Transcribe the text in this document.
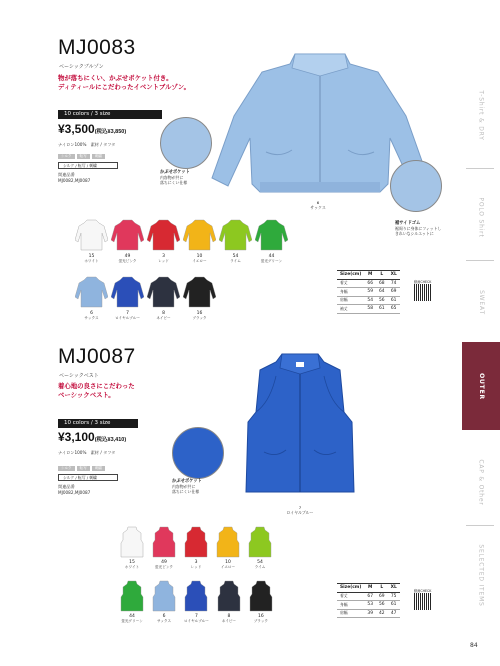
MJ0083
ベーシックブルゾン
物が落ちにくい、かぶせポケット付き。
ディティールにこだわったイベントブルゾン。
10 colors / 3 size
¥3,500(税込¥3,850)
ナイロン100%　素材 / タフタ
シルク	転写	刺繍
シルク / 転写 / 刺繍
関連品番
MJ0082,MJ0087
かぶせポケット
内容物が共に
落ちにくい仕様
裾サイドゴム
裾周りに身体にフィットし
きれいなシルエットに
6
サックス
15
ホワイト
49
蛍光ピンク
3
レッド
10
イエロー
54
ライム
44
蛍光グリーン
6
サックス
7
ロイヤルブルー
8
ネイビー
16
ブラック
Size(cm)	M	L	XL
着丈	66	68	74
身幅	59	64	69
肩幅	54	56	61
袖丈	58	61	65
動画CHECK
MJ0087
ベーシックベスト
着心地の良さにこだわった
ベーシックベスト。
10 colors / 3 size
¥3,100(税込¥3,410)
ナイロン100%　素材 / タフタ
シルク	転写	刺繍
シルク / 転写 / 刺繍
関連品番
MJ0082,MJ0087
かぶせポケット
内容物が共に
落ちにくい仕様
7
ロイヤルブルー
15
ホワイト
49
蛍光ピンク
3
レッド
10
イエロー
54
ライム
44
蛍光グリーン
6
サックス
7
ロイヤルブルー
8
ネイビー
16
ブラック
Size(cm)	M	L	XL
着丈	67	69	75
身幅	53	56	61
肩幅	39	42	47
動画CHECK
T-Shirt & DRY
POLO Shirt
SWEAT
OUTER
CAP & Other
SELECTED ITEMS
84
